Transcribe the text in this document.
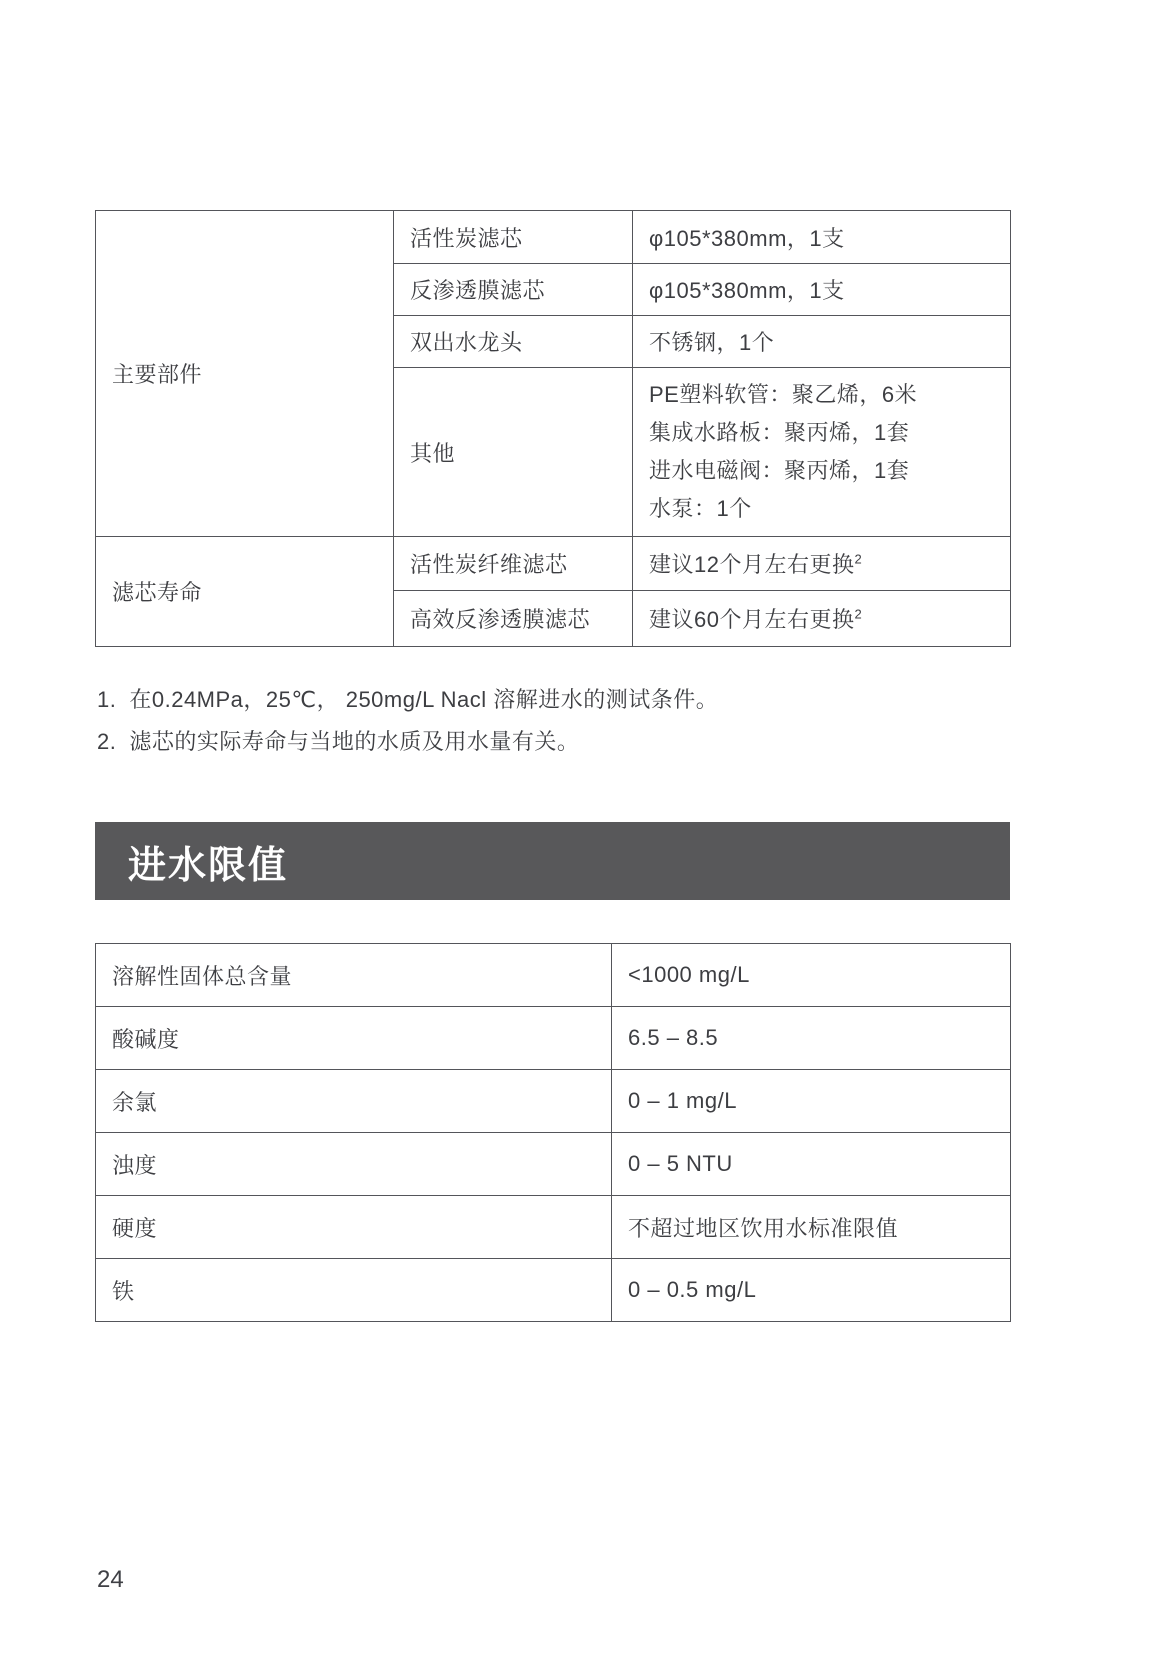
主要部件	活性炭滤芯	φ105*380mm，1支
	反渗透膜滤芯	φ105*380mm，1支
	双出水龙头	不锈钢，1个
	其他	PE塑料软管：聚乙烯，6米
集成水路板：聚丙烯，1套
进水电磁阀：聚丙烯，1套
水泵：1个

滤芯寿命	活性炭纤维滤芯	建议12个月左右更换$^2$
	高效反渗透膜滤芯	建议60个月左右更换$^2$
1. 在0.24MPa，25℃， 250mg/L Nacl 溶解进水的测试条件。
2. 滤芯的实际寿命与当地的水质及用水量有关。
进水限值
溶解性固体总含量	<1000 mg/L
酸碱度	6.5 – 8.5
余氯	0 – 1 mg/L
浊度	0 – 5 NTU
硬度	不超过地区饮用水标准限值
铁	0 – 0.5 mg/L
24
